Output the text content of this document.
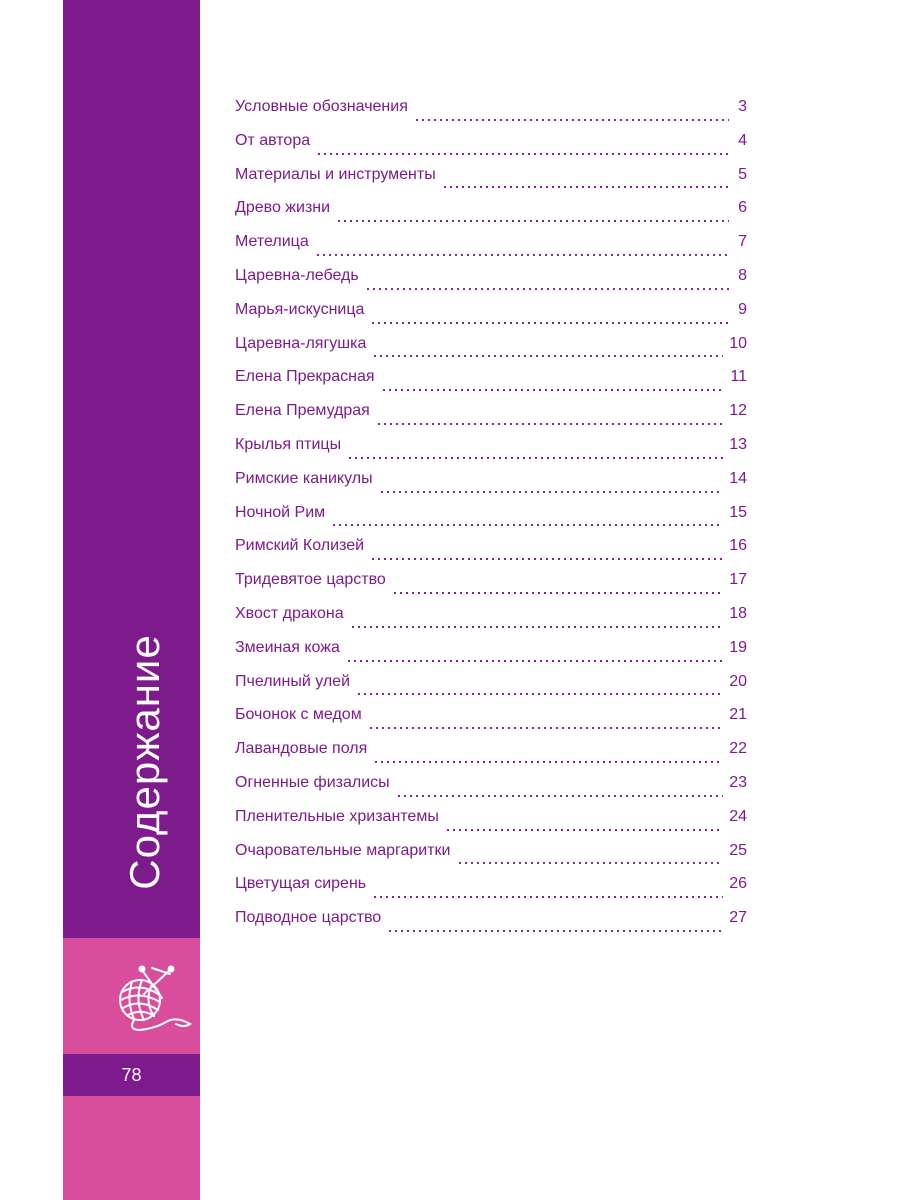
Содержание
78
Условные обозначения	3
От автора	4
Материалы и инструменты	5
Древо жизни	6
Метелица	7
Царевна-лебедь	8
Марья-искусница	9
Царевна-лягушка	10
Елена Прекрасная	11
Елена Премудрая	12
Крылья птицы	13
Римские каникулы	14
Ночной Рим	15
Римский Колизей	16
Тридевятое царство	17
Хвост дракона	18
Змеиная кожа	19
Пчелиный улей	20
Бочонок с медом	21
Лавандовые поля	22
Огненные физалисы	23
Пленительные хризантемы	24
Очаровательные маргаритки	25
Цветущая сирень	26
Подводное царство	27
